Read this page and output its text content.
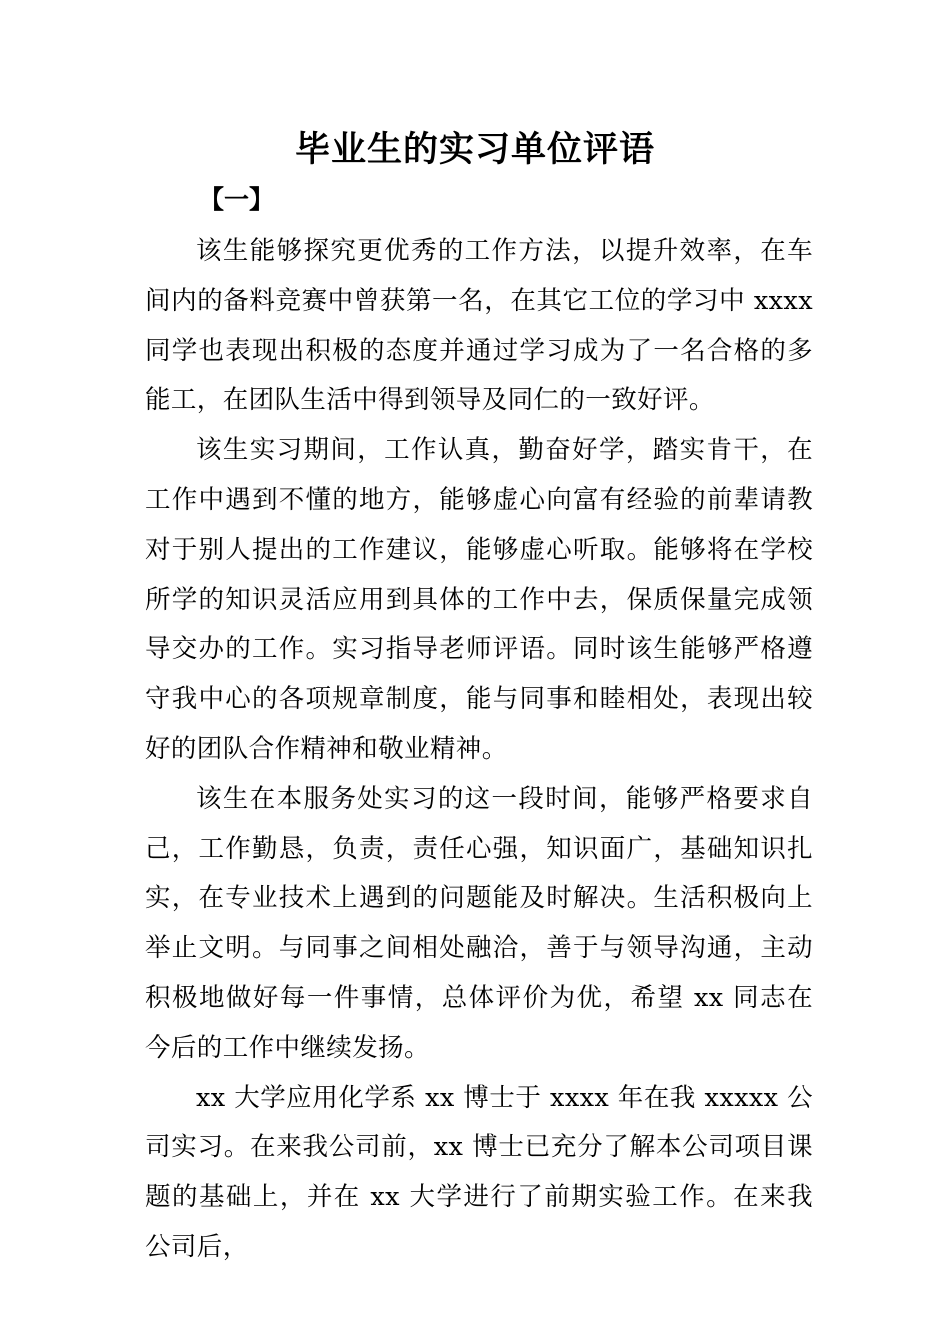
毕业生的实习单位评语
【一】

该生能够探究更优秀的工作方法，以提升效率，在车间内的备料竞赛中曾获第一名，在其它工位的学习中 xxxx 同学也表现出积极的态度并通过学习成为了一名合格的多能工，在团队生活中得到领导及同仁的一致好评。

该生实习期间，工作认真，勤奋好学，踏实肯干，在工作中遇到不懂的地方，能够虚心向富有经验的前辈请教对于别人提出的工作建议，能够虚心听取。能够将在学校所学的知识灵活应用到具体的工作中去，保质保量完成领导交办的工作。实习指导老师评语。同时该生能够严格遵守我中心的各项规章制度，能与同事和睦相处，表现出较好的团队合作精神和敬业精神。

该生在本服务处实习的这一段时间，能够严格要求自己，工作勤恳，负责，责任心强，知识面广，基础知识扎实，在专业技术上遇到的问题能及时解决。生活积极向上举止文明。与同事之间相处融洽，善于与领导沟通，主动积极地做好每一件事情，总体评价为优，希望 xx 同志在今后的工作中继续发扬。

xx 大学应用化学系 xx 博士于 xxxx 年在我 xxxxx 公司实习。在来我公司前，xx 博士已充分了解本公司项目课题的基础上，并在 xx 大学进行了前期实验工作。在来我公司后，
